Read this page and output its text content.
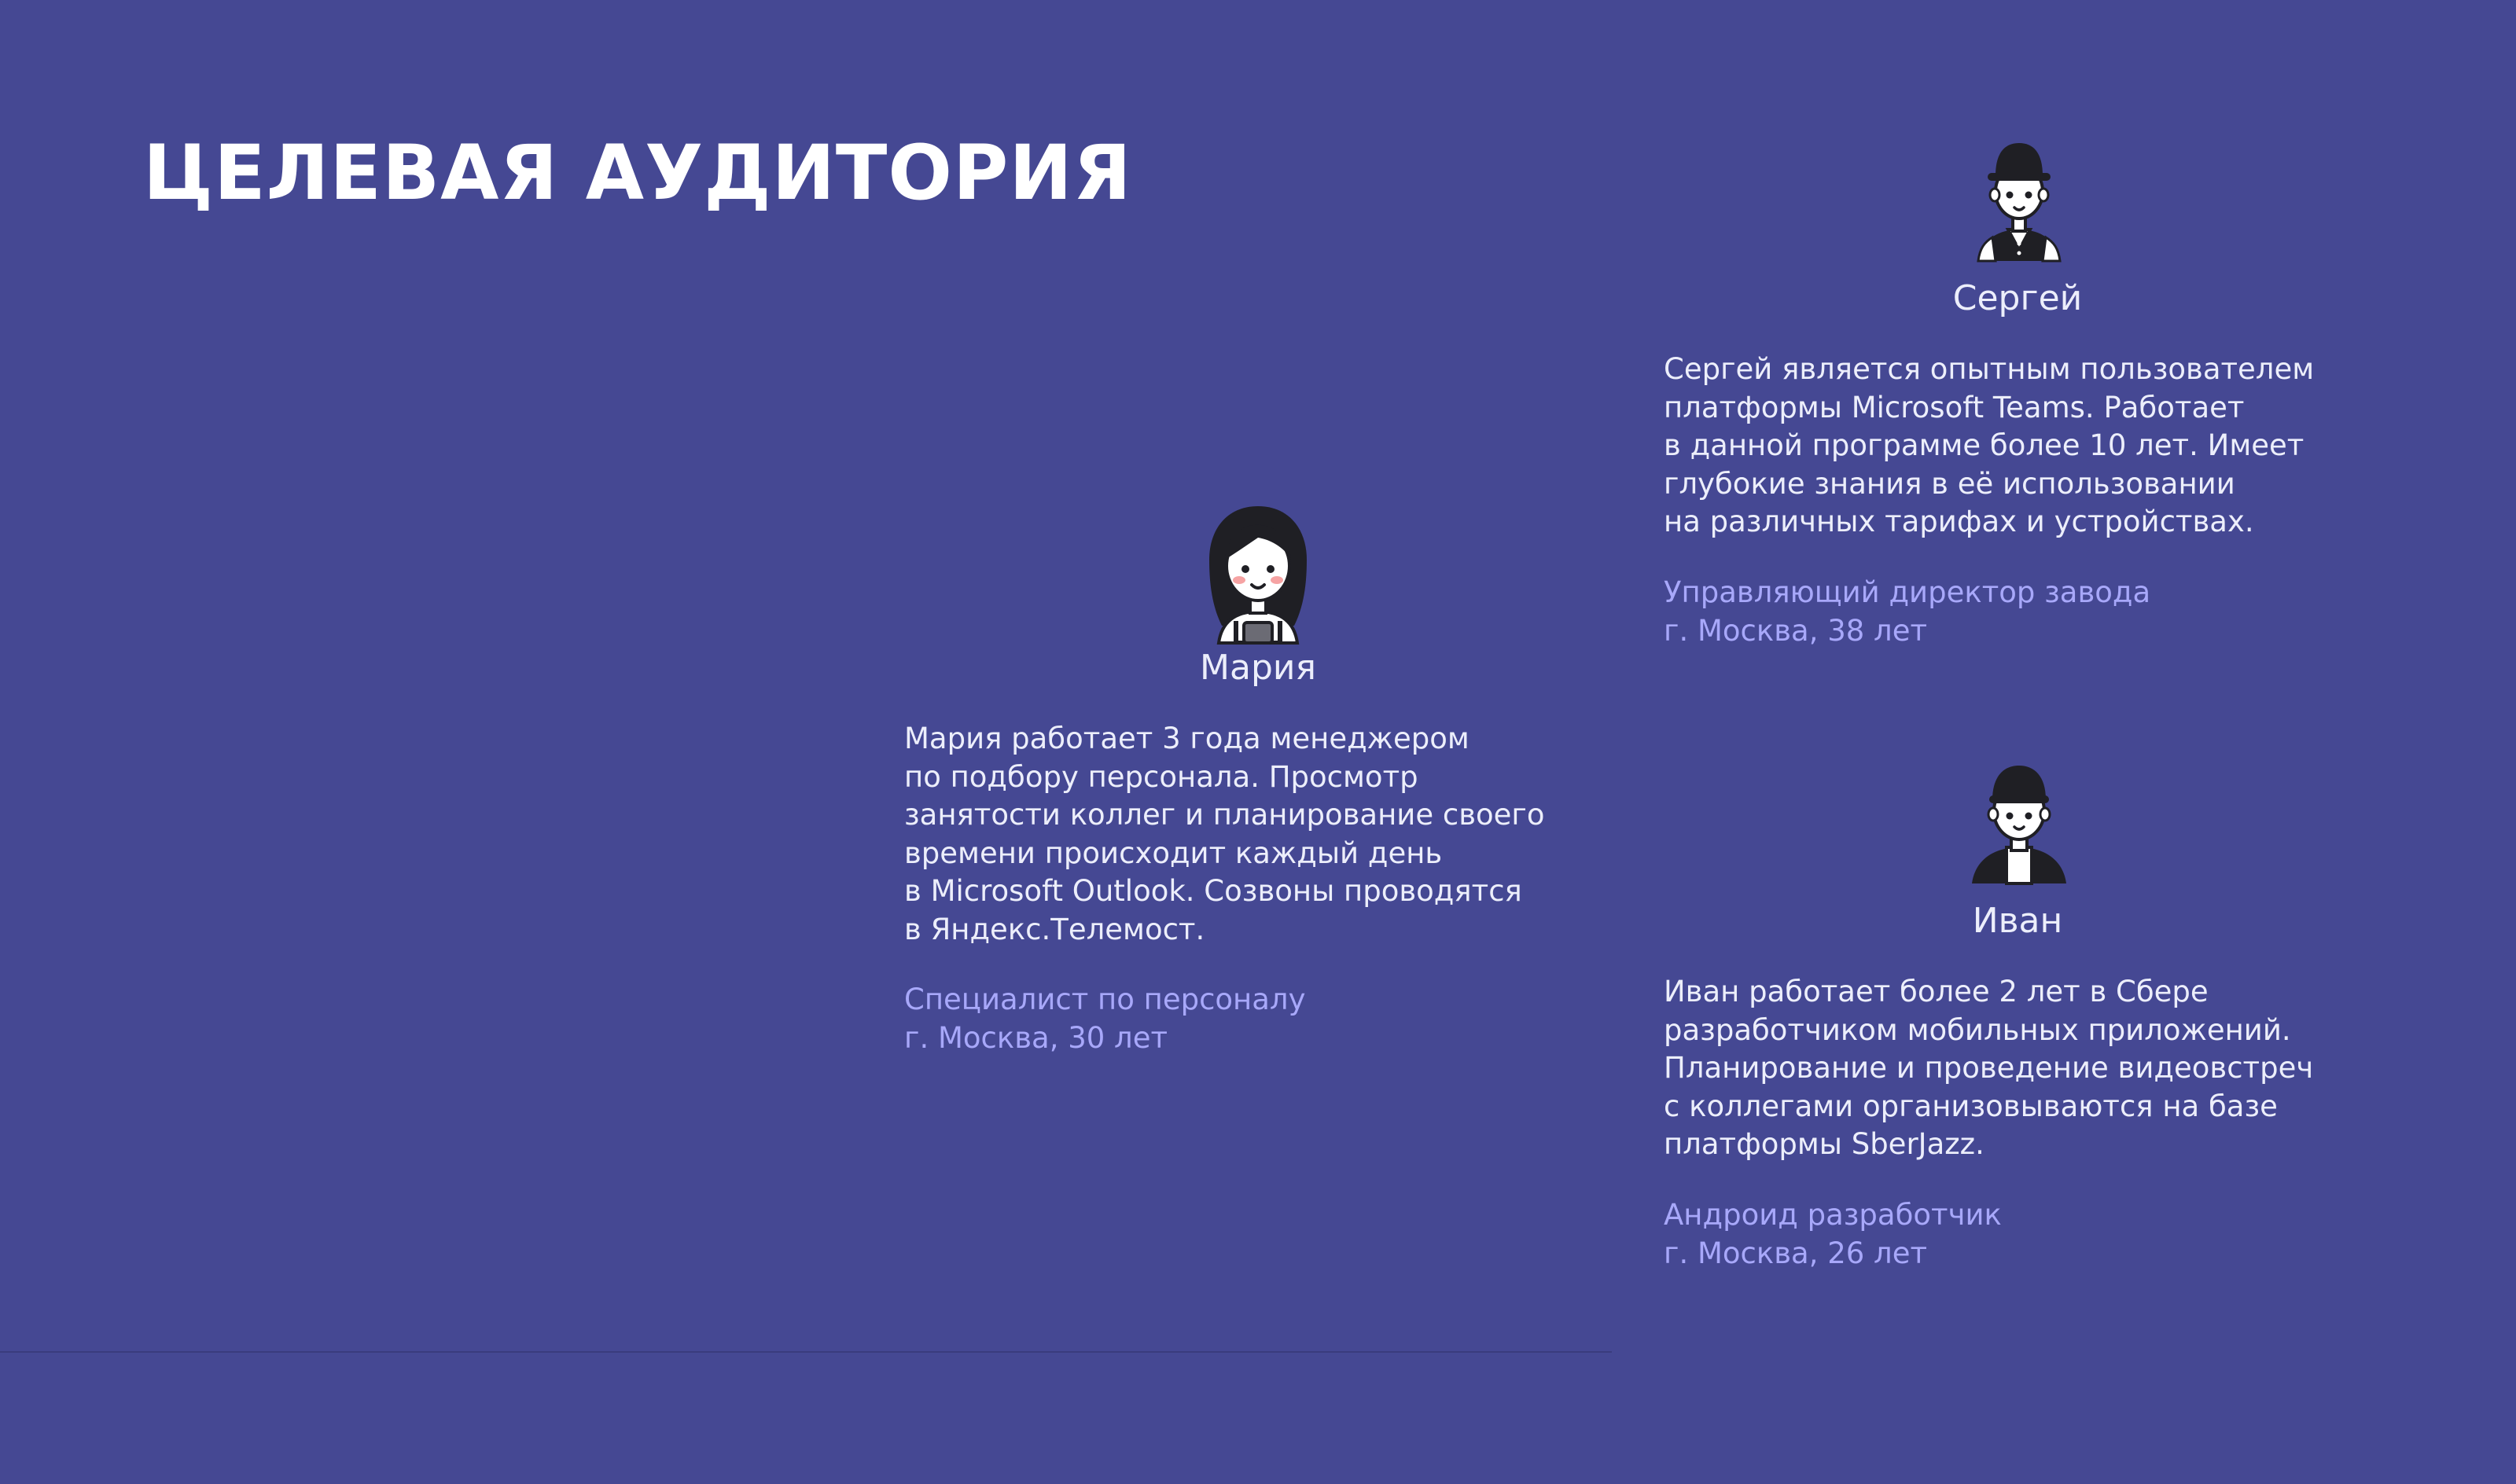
ЦЕЛЕВАЯ АУДИТОРИЯ
Мария

Мария работает 3 года менеджером
по подбору персонала. Просмотр
занятости коллег и планирование своего
времени происходит каждый день
в Microsoft Outlook. Созвоны проводятся
в Яндекс.Телемост.

Специалист по персоналу
г. Москва, 30 лет

Сергей

Сергей является опытным пользователем
платформы Microsoft Teams. Работает
в данной программе более 10 лет. Имеет
глубокие знания в её использовании
на различных тарифах и устройствах.

Управляющий директор завода
г. Москва, 38 лет

Иван

Иван работает более 2 лет в Сбере
разработчиком мобильных приложений.
Планирование и проведение видеовстреч
с коллегами организовываются на базе
платформы SberJazz.

Андроид разработчик
г. Москва, 26 лет
